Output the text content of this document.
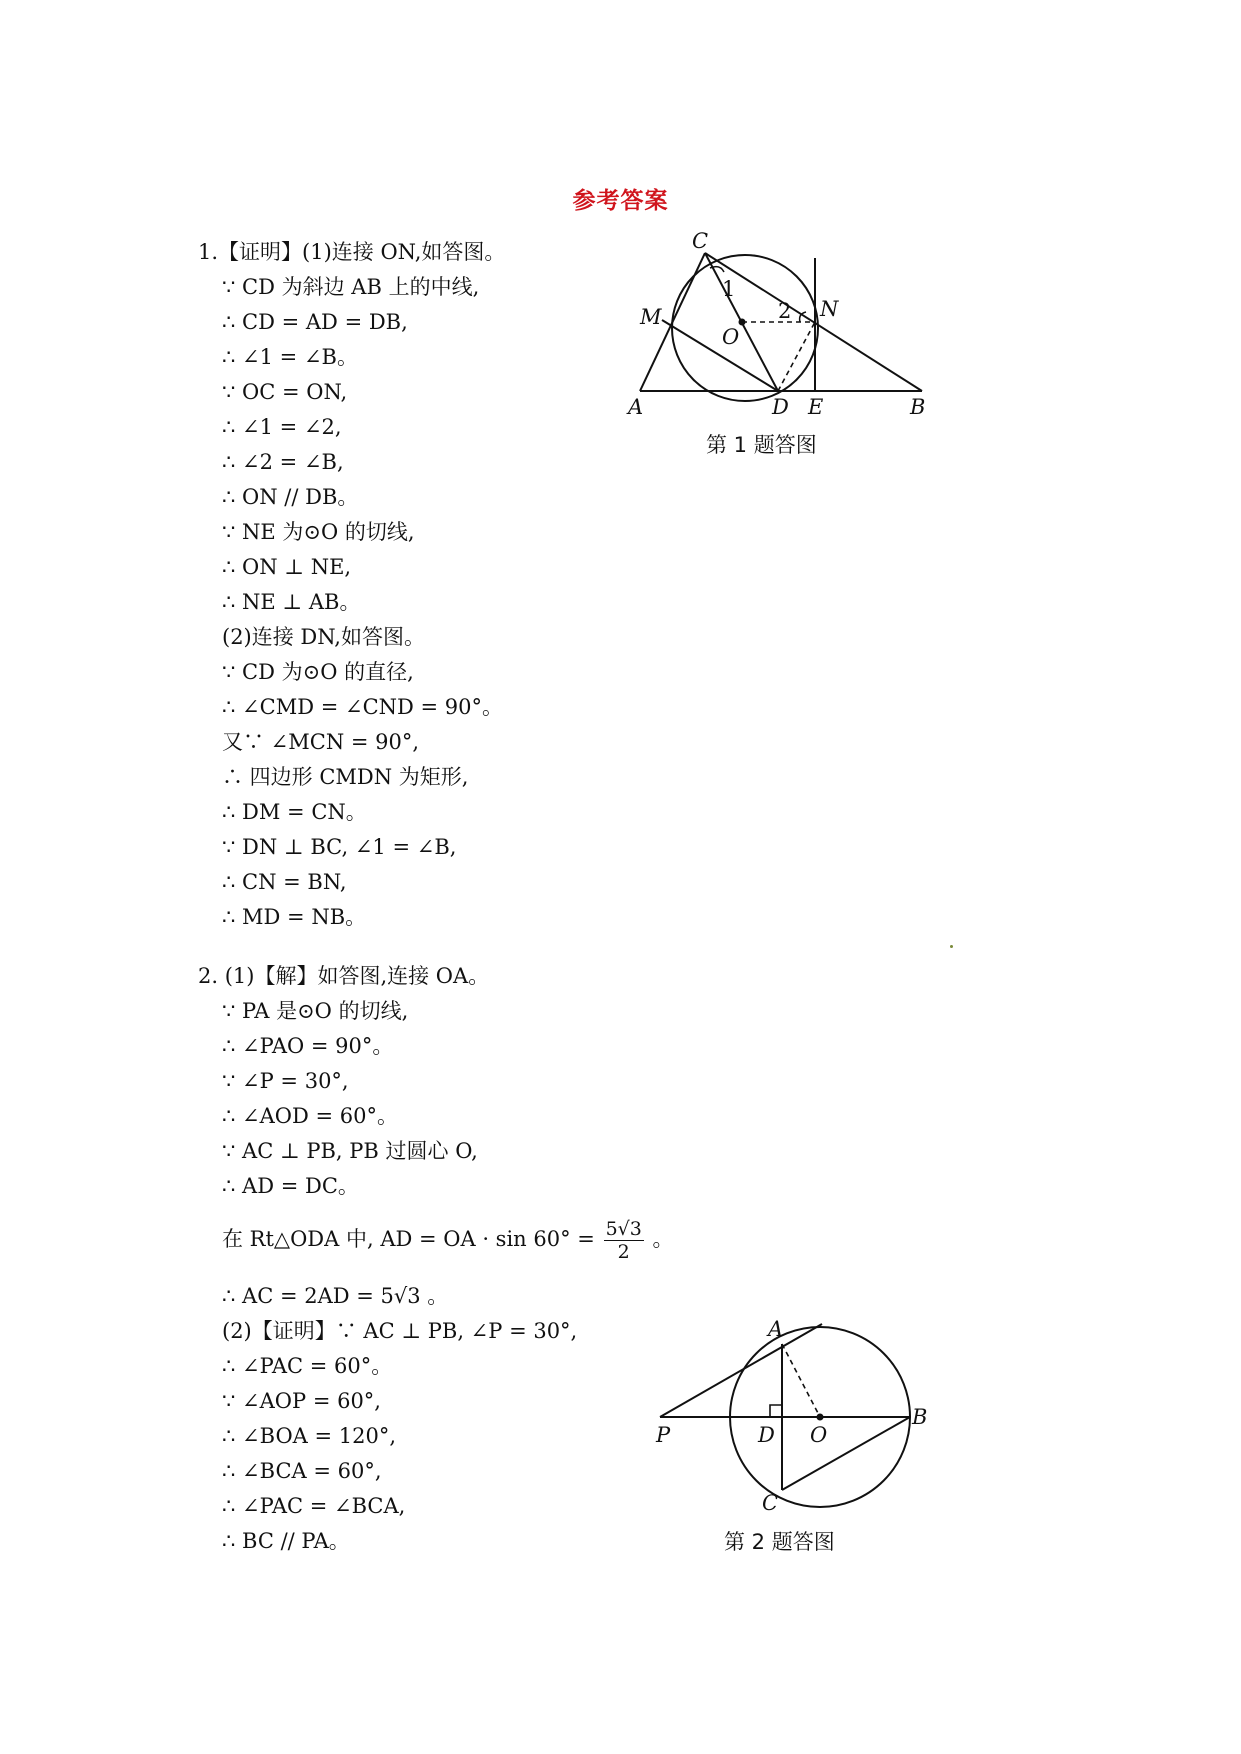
参考答案
1.【证明】(1)连接 ON,如答图。
∵ CD 为斜边 AB 上的中线,
∴ CD = AD = DB,
∴ ∠1 = ∠B。
∵ OC = ON,
∴ ∠1 = ∠2,
∴ ∠2 = ∠B,
∴ ON // DB。
∵ NE 为⊙O 的切线,
∴ ON ⊥ NE,
∴ NE ⊥ AB。
(2)连接 DN,如答图。
∵ CD 为⊙O 的直径,
∴ ∠CMD = ∠CND = 90°。
又∵ ∠MCN = 90°,
∴ 四边形 CMDN 为矩形,
∴ DM = CN。
∵ DN ⊥ BC, ∠1 = ∠B,
∴ CN = BN,
∴ MD = NB。
C
1
2 N
M
O
A	D E	B
第 1 题答图
2. (1)【解】如答图,连接 OA。
∵ PA 是⊙O 的切线,
∴ ∠PAO = 90°。
∵ ∠P = 30°,
∴ ∠AOD = 60°。
∵ AC ⊥ PB, PB 过圆心 O,
∴ AD = DC。
在 Rt△ODA 中, AD = OA · $\sin 60^\circ = \frac{5√3}{2}$ 。
∴ AC = 2AD = 5√3 。
(2)【证明】∵ AC ⊥ PB, ∠P = 30°,
∴ ∠PAC = 60°。
∵ ∠AOP = 60°,
∴ ∠BOA = 120°,
∴ ∠BCA = 60°,
∴ ∠PAC = ∠BCA,
∴ BC // PA。
A
P	D O
B
C
第 2 题答图
